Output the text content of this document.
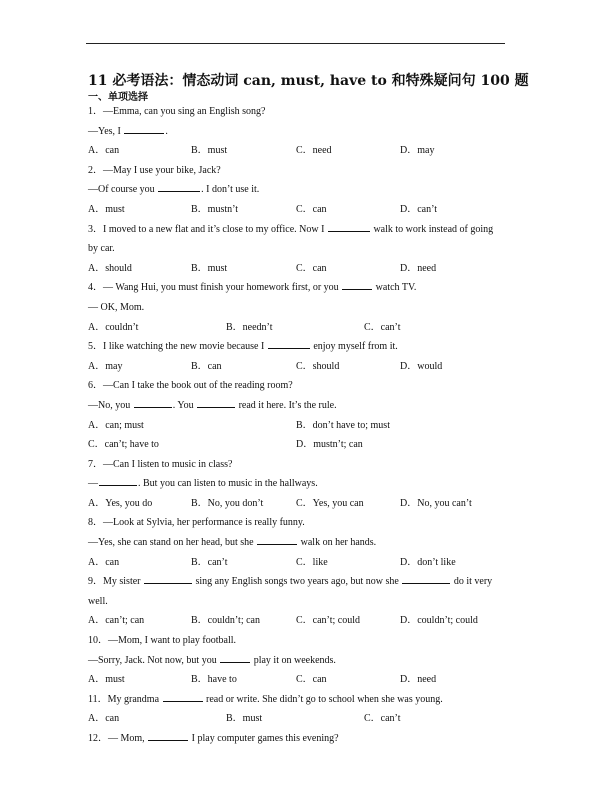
11 必考语法：情态动词 can, must, have to 和特殊疑问句 100 题
一、单项选择
1．—Emma, can you sing an English song?
—Yes, I	.
A．can	B．must	C．need	D．may
2．—May I use your bike, Jack?
—Of course you	. I don’t use it.
A．must	B．mustn’t	C．can	D．can’t
3．I moved to a new flat and it’s close to my office. Now I	walk to work instead of going
by car.
A．should	B．must	C．can	D．need
4．— Wang Hui, you must finish your homework first, or you	watch TV.
— OK, Mom.
A．couldn’t	B．needn’t	C．can’t
5．I like watching the new movie because I	enjoy myself from it.
A．may	B．can	C．should	D．would
6．—Can I take the book out of the reading room?
—No, you	. You	read it here. It’s the rule.
A．can; must	B．don’t have to; must
C．can’t; have to	D．mustn’t; can
7．—Can I listen to music in class?
—	. But you can listen to music in the hallways.
A．Yes, you do	B．No, you don’t	C．Yes, you can	D．No, you can’t
8．—Look at Sylvia, her performance is really funny.
—Yes, she can stand on her head, but she	walk on her hands.
A．can	B．can’t	C．like	D．don’t like
9．My sister	sing any English songs two years ago, but now she	do it very
well.
A．can’t; can	B．couldn’t; can	C．can’t; could	D．couldn’t; could
10．—Mom, I want to play football.
—Sorry, Jack. Not now, but you	play it on weekends.
A．must	B．have to	C．can	D．need
11．My grandma	read or write. She didn’t go to school when she was young.
A．can	B．must	C．can’t
12．— Mom,	I play computer games this evening?
